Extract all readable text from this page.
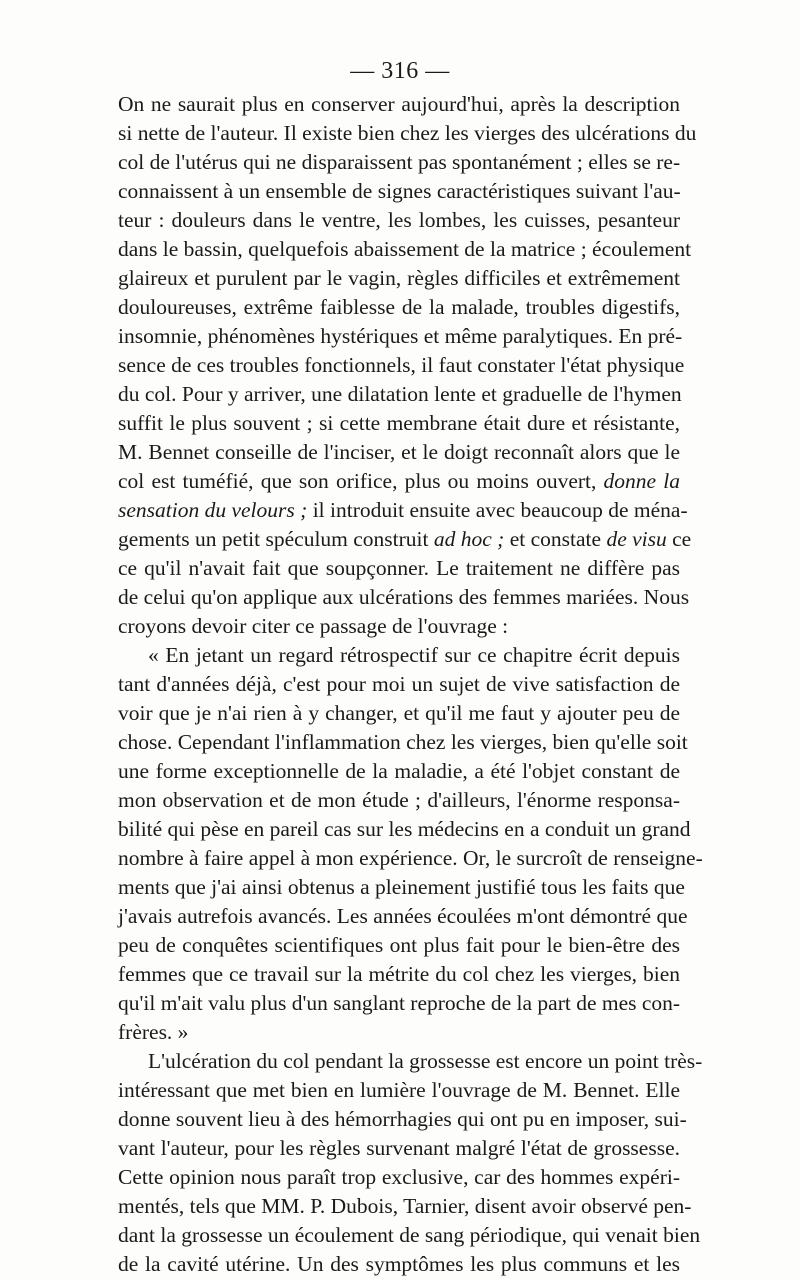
— 316 —
On ne saurait plus en conserver aujourd'hui, après la description
si nette de l'auteur. Il existe bien chez les vierges des ulcérations du
col de l'utérus qui ne disparaissent pas spontanément ; elles se re-
connaissent à un ensemble de signes caractéristiques suivant l'au-
teur : douleurs dans le ventre, les lombes, les cuisses, pesanteur
dans le bassin, quelquefois abaissement de la matrice ; écoulement
glaireux et purulent par le vagin, règles difficiles et extrêmement
douloureuses, extrême faiblesse de la malade, troubles digestifs,
insomnie, phénomènes hystériques et même paralytiques. En pré-
sence de ces troubles fonctionnels, il faut constater l'état physique
du col. Pour y arriver, une dilatation lente et graduelle de l'hymen
suffit le plus souvent ; si cette membrane était dure et résistante,
M. Bennet conseille de l'inciser, et le doigt reconnaît alors que le
col est tuméfié, que son orifice, plus ou moins ouvert, donne la
sensation du velours ; il introduit ensuite avec beaucoup de ména-
gements un petit spéculum construit ad hoc ; et constate de visu ce
ce qu'il n'avait fait que soupçonner. Le traitement ne diffère pas
de celui qu'on applique aux ulcérations des femmes mariées. Nous
croyons devoir citer ce passage de l'ouvrage :
« En jetant un regard rétrospectif sur ce chapitre écrit depuis
tant d'années déjà, c'est pour moi un sujet de vive satisfaction de
voir que je n'ai rien à y changer, et qu'il me faut y ajouter peu de
chose. Cependant l'inflammation chez les vierges, bien qu'elle soit
une forme exceptionnelle de la maladie, a été l'objet constant de
mon observation et de mon étude ; d'ailleurs, l'énorme responsa-
bilité qui pèse en pareil cas sur les médecins en a conduit un grand
nombre à faire appel à mon expérience. Or, le surcroît de renseigne-
ments que j'ai ainsi obtenus a pleinement justifié tous les faits que
j'avais autrefois avancés. Les années écoulées m'ont démontré que
peu de conquêtes scientifiques ont plus fait pour le bien-être des
femmes que ce travail sur la métrite du col chez les vierges, bien
qu'il m'ait valu plus d'un sanglant reproche de la part de mes con-
frères. »
L'ulcération du col pendant la grossesse est encore un point très-
intéressant que met bien en lumière l'ouvrage de M. Bennet. Elle
donne souvent lieu à des hémorrhagies qui ont pu en imposer, sui-
vant l'auteur, pour les règles survenant malgré l'état de grossesse.
Cette opinion nous paraît trop exclusive, car des hommes expéri-
mentés, tels que MM. P. Dubois, Tarnier, disent avoir observé pen-
dant la grossesse un écoulement de sang périodique, qui venait bien
de la cavité utérine. Un des symptômes les plus communs et les
